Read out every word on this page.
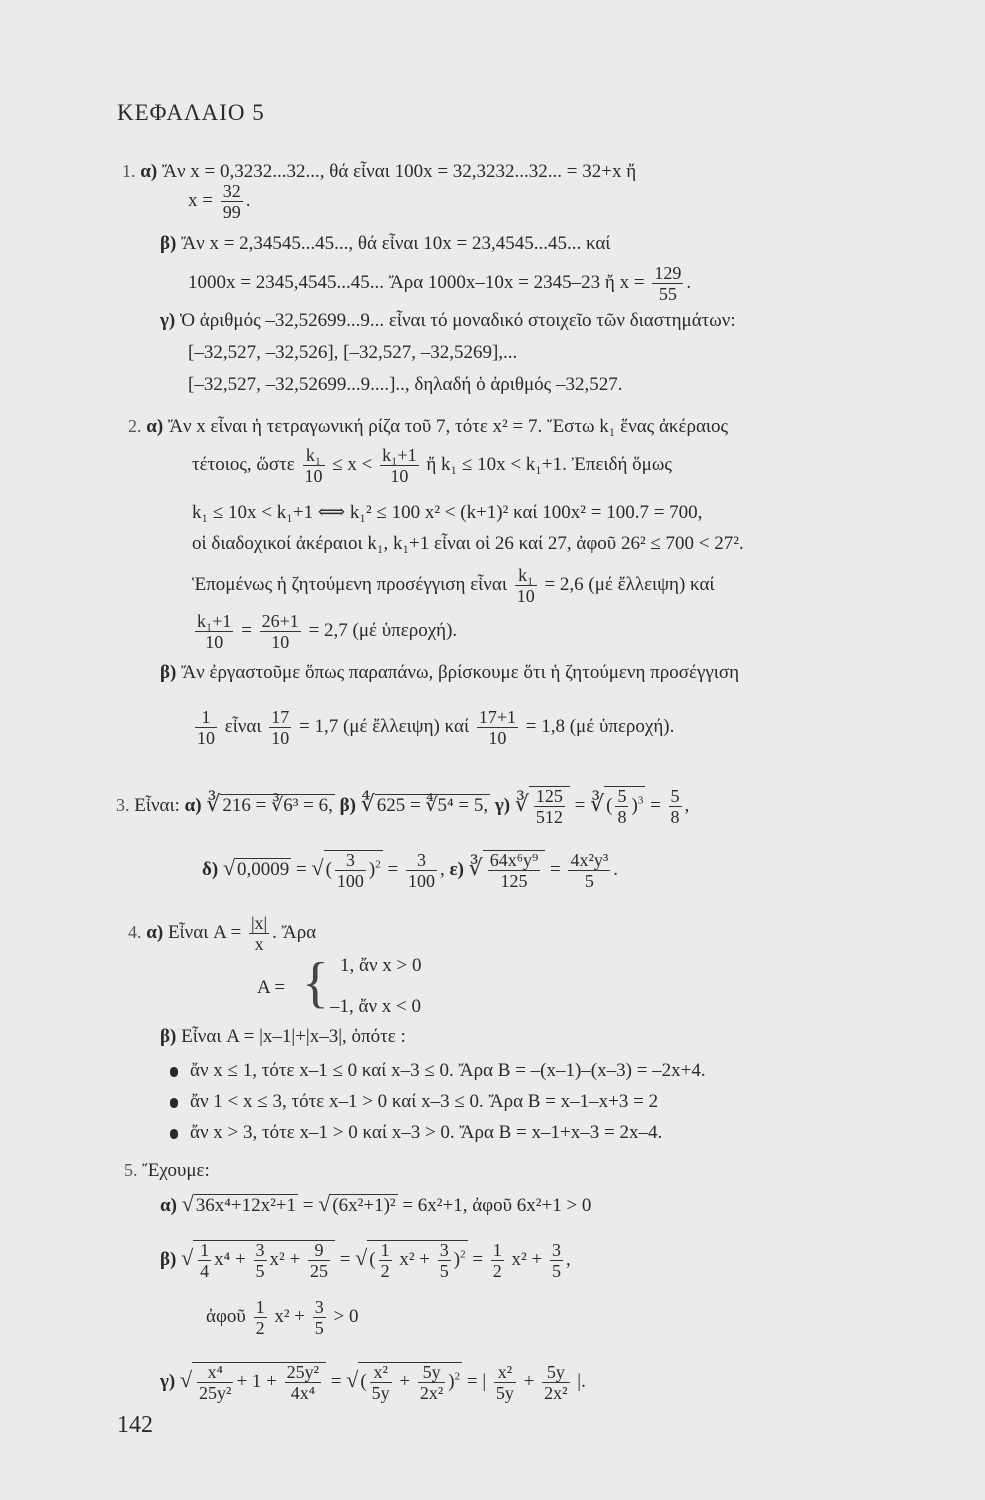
ΚΕΦΑΛΑΙΟ 5
1. α) Ἄν x = 0,3232...32..., θά εἶναι 100x = 32,3232...32... = 32+x ἤ
$x = \frac{32}{99}$ .
β) Ἄν x = 2,34545...45..., θά εἶναι 10x = 23,4545...45... καί
1000x = 2345,4545...45... Ἄρα 1000x–10x = 2345–23 ἤ $x = \frac{129}{55}$ .
γ) Ὁ ἀριθμός –32,52699...9... εἶναι τό μοναδικό στοιχεῖο τῶν διαστημάτων:
[–32,527, –32,526], [–32,527, –32,5269],...
[–32,527, –32,52699...9....].., δηλαδή ὁ ἀριθμός –32,527.
2. α) Ἄν x εἶναι ἡ τετραγωνική ρίζα τοῦ 7, τότε x² = 7. Ἔστω k₁ ἕνας ἀκέραιος
τέτοιος, ὥστε $\frac{\text{k₁}}{10} \le x < \frac{\text{k₁+1}}{10}$ ἤ k₁ ≤ 10x < k₁+1. Ἐπειδή ὅμως
k₁ ≤ 10x < k₁+1 ⟺ k₁² ≤ 100 x² < (k+1)² καί 100x² = 100.7 = 700,
οἱ διαδοχικοί ἀκέραιοι k₁, k₁+1 εἶναι οἱ 26 καί 27, ἀφοῦ 26² ≤ 700 < 27².
Ἑπομένως ἡ ζητούμενη προσέγγιση εἶναι $\frac{\text{k₁}}{10} = 2,6$ (μέ ἔλλειψη) καί
$\frac{\text{k₁+1}}{10} = \frac{26+1}{10} = 2,7$ (μέ ὑπεροχή).
β) Ἄν ἐργαστοῦμε ὅπως παραπάνω, βρίσκουμε ὅτι ἡ ζητούμενη προσέγγιση
$\frac{1}{10}$ εἶναι $\frac{17}{10} = 1,7$ (μέ ἔλλειψη) καί $\frac{17+1}{10} = 1,8$ (μέ ὑπεροχή).
3. Εἶναι: α) ∛ 216 = ∛6³ = 6, β) ∜ 625 = ∜5⁴ = 5, γ) ∛ $\frac{125}{512}$ = ∛ ( $\frac{5}{8} )^3 = \frac{5}{8}$ ,
δ) √ 0,0009 = √ ( $\frac{3}{100} )^2 = \frac{3}{100}$ , ε) ∛ $\frac{\text{64x⁶y⁹}}{125} = \frac{\text{4x²y³}}{5}$ .
4. α) Εἶναι $A = \frac{|x|}{x}$ . Ἄρα
A = { 1, ἄν x > 0
–1, ἄν x < 0
β) Εἶναι A = |x–1|+|x–3|, ὁπότε :
ἄν x ≤ 1, τότε x–1 ≤ 0 καί x–3 ≤ 0. Ἄρα B = –(x–1)–(x–3) = –2x+4.
ἄν 1 < x ≤ 3, τότε x–1 > 0 καί x–3 ≤ 0. Ἄρα B = x–1–x+3 = 2
ἄν x > 3, τότε x–1 > 0 καί x–3 > 0. Ἄρα B = x–1+x–3 = 2x–4.
5. Ἔχουμε:
α) √ 36x⁴+12x²+1 = √ (6x²+1)² = 6x²+1, ἀφοῦ 6x²+1 > 0
β) √ $\frac{1}{4} x^4 + \frac{3}{5} x^2 + \frac{9}{25}$ = √ ( $\frac{1}{2} x^2 + \frac{3}{5} )^2 = \frac{1}{2} x^2 + \frac{3}{5}$ ,
ἀφοῦ $\frac{1}{2} x^2 + \frac{3}{5} > 0$
γ) √ $\frac{\text{x⁴}}{\text{25y²}} + 1 + \frac{\text{25y²}}{\text{4x⁴}}$ = √ ( $\frac{\text{x²}}{5y} + \frac{5y}{\text{2x²}} )^2$ = | $\frac{\text{x²}}{5y} + \frac{5y}{\text{2x²}}$ |.
142
